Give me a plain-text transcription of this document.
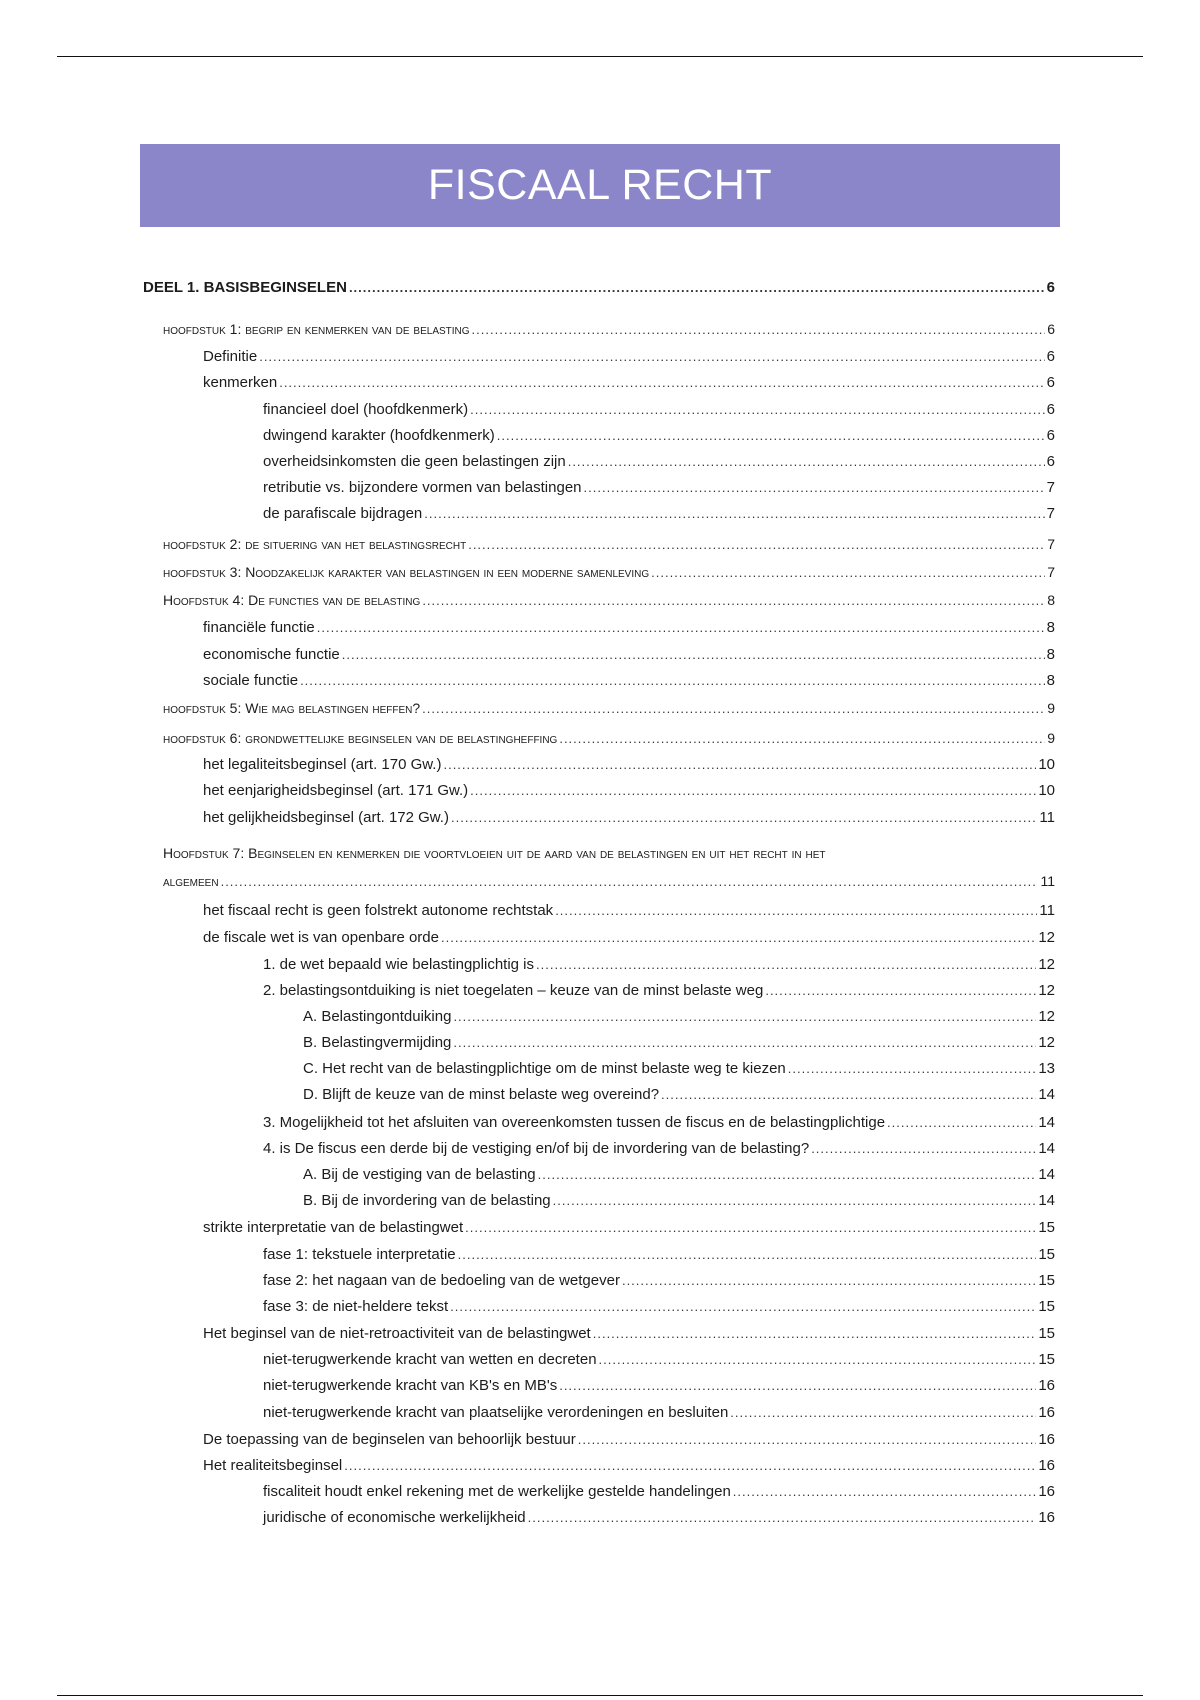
FISCAAL RECHT
DEEL 1. BASISBEGINSELEN .....	6
hoofdstuk 1: begrip en kenmerken van de belasting .....	6
Definitie .....	6
kenmerken .....	6
financieel doel (hoofdkenmerk) .....	6
dwingend karakter (hoofdkenmerk) .....	6
overheidsinkomsten die geen belastingen zijn .....	6
retributie vs. bijzondere vormen van belastingen .....	7
de parafiscale bijdragen .....	7
hoofdstuk 2: de situering van het belastingsrecht .....	7
hoofdstuk 3: Noodzakelijk karakter van belastingen in een moderne samenleving .....	7
Hoofdstuk 4: De functies van de belasting .....	8
financiële functie .....	8
economische functie .....	8
sociale functie .....	8
hoofdstuk 5: Wie mag belastingen heffen? .....	9
hoofdstuk 6: grondwettelijke beginselen van de belastingheffing .....	9
het legaliteitsbeginsel (art. 170 Gw.) .....	10
het eenjarigheidsbeginsel (art. 171 Gw.) .....	10
het gelijkheidsbeginsel (art. 172 Gw.) .....	11
Hoofdstuk 7: Beginselen en kenmerken die voortvloeien uit de aard van de belastingen en uit het recht in het
algemeen .....	11
het fiscaal recht is geen folstrekt autonome rechtstak .....	11
de fiscale wet is van openbare orde .....	12
1. de wet bepaald wie belastingplichtig is .....	12
2. belastingsontduiking is niet toegelaten – keuze van de minst belaste weg .....	12
A. Belastingontduiking .....	12
B. Belastingvermijding .....	12
C. Het recht van de belastingplichtige om de minst belaste weg te kiezen .....	13
D. Blijft de keuze van de minst belaste weg overeind? .....	14
3. Mogelijkheid tot het afsluiten van overeenkomsten tussen de fiscus en de belastingplichtige .....	14
4. is De fiscus een derde bij de vestiging en/of bij de invordering van de belasting? .....	14
A. Bij de vestiging van de belasting .....	14
B. Bij de invordering van de belasting .....	14
strikte interpretatie van de belastingwet .....	15
fase 1: tekstuele interpretatie .....	15
fase 2: het nagaan van de bedoeling van de wetgever .....	15
fase 3: de niet-heldere tekst .....	15
Het beginsel van de niet-retroactiviteit van de belastingwet .....	15
niet-terugwerkende kracht van wetten en decreten .....	15
niet-terugwerkende kracht van KB's en MB's .....	16
niet-terugwerkende kracht van plaatselijke verordeningen en besluiten .....	16
De toepassing van de beginselen van behoorlijk bestuur .....	16
Het realiteitsbeginsel .....	16
fiscaliteit houdt enkel rekening met de werkelijke gestelde handelingen .....	16
juridische of economische werkelijkheid .....	16
